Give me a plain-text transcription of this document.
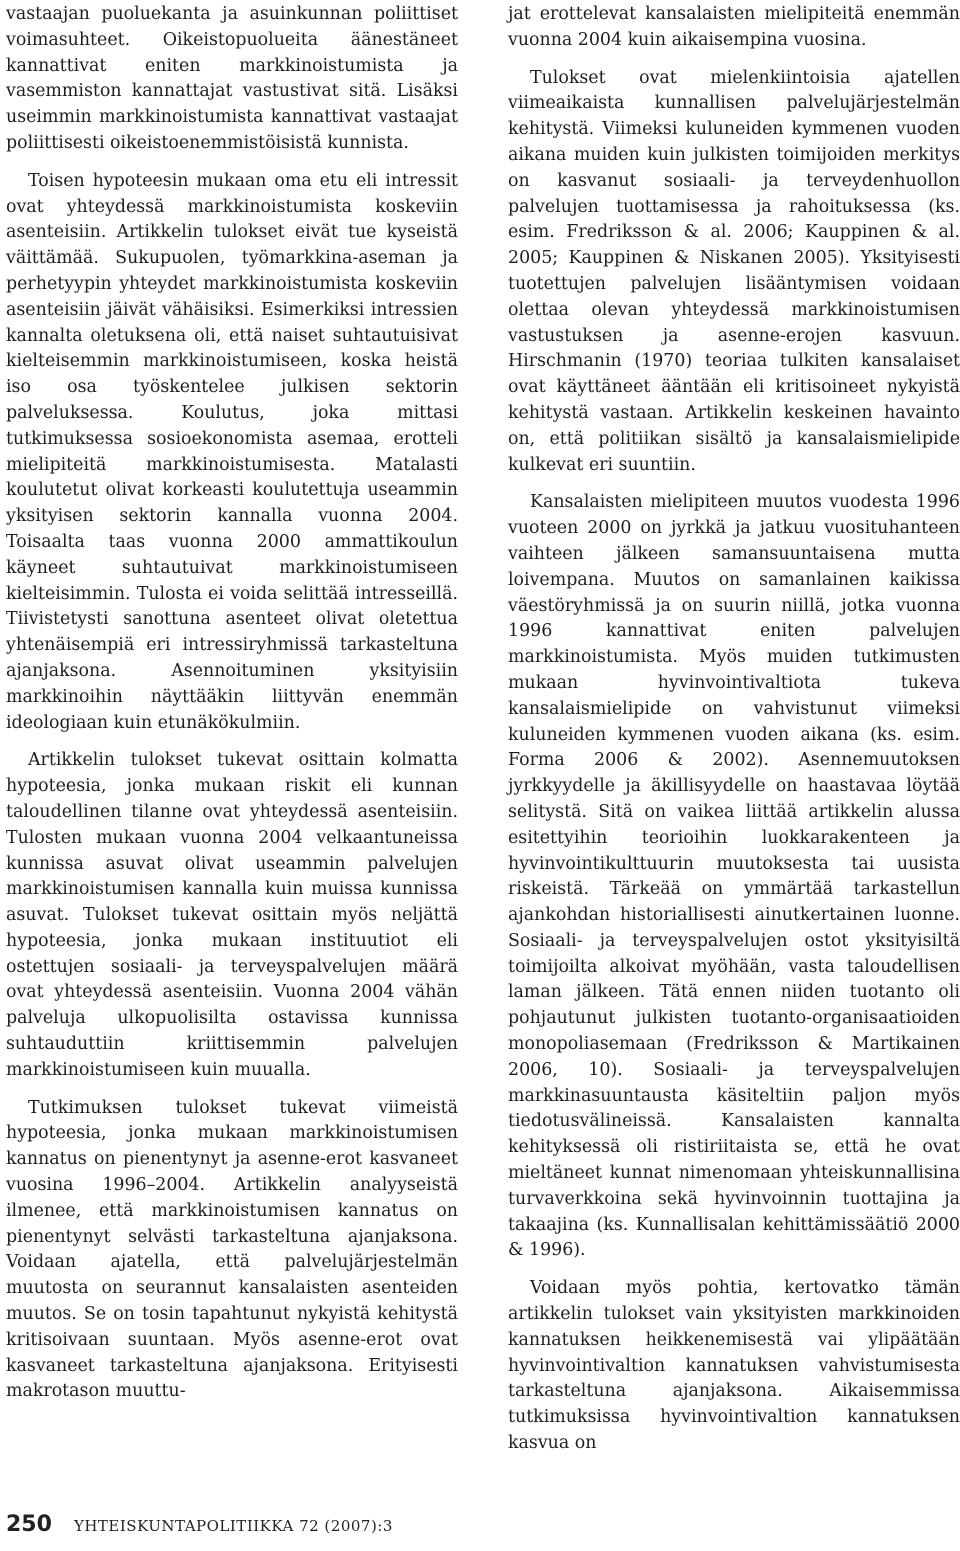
vastaajan puoluekanta ja asuinkunnan poliittiset voimasuhteet. Oikeistopuolueita äänestäneet kannattivat eniten markkinoistumista ja vasemmiston kannattajat vastustivat sitä. Lisäksi useimmin markkinoistumista kannattivat vastaajat poliittisesti oikeistoenemmistöisistä kunnista.

Toisen hypoteesin mukaan oma etu eli intressit ovat yhteydessä markkinoistumista koskeviin asenteisiin. Artikkelin tulokset eivät tue kyseistä väittämää. Sukupuolen, työmarkkina-aseman ja perhetyypin yhteydet markkinoistumista koskeviin asenteisiin jäivät vähäisiksi. Esimerkiksi intressien kannalta oletuksena oli, että naiset suhtautuisivat kielteisemmin markkinoistumiseen, koska heistä iso osa työskentelee julkisen sektorin palveluksessa. Koulutus, joka mittasi tutkimuksessa sosioekonomista asemaa, erotteli mielipiteitä markkinoistumisesta. Matalasti koulutetut olivat korkeasti koulutettuja useammin yksityisen sektorin kannalla vuonna 2004. Toisaalta taas vuonna 2000 ammattikoulun käyneet suhtautuivat markkinoistumiseen kielteisimmin. Tulosta ei voida selittää intresseillä. Tiivistetysti sanottuna asenteet olivat oletettua yhtenäisempiä eri intressiryhmissä tarkasteltuna ajanjaksona. Asennoituminen yksityisiin markkinoihin näyttääkin liittyvän enemmän ideologiaan kuin etunäkökulmiin.

Artikkelin tulokset tukevat osittain kolmatta hypoteesia, jonka mukaan riskit eli kunnan taloudellinen tilanne ovat yhteydessä asenteisiin. Tulosten mukaan vuonna 2004 velkaantuneissa kunnissa asuvat olivat useammin palvelujen markkinoistumisen kannalla kuin muissa kunnissa asuvat. Tulokset tukevat osittain myös neljättä hypoteesia, jonka mukaan instituutiot eli ostettujen sosiaali- ja terveyspalvelujen määrä ovat yhteydessä asenteisiin. Vuonna 2004 vähän palveluja ulkopuolisilta ostavissa kunnissa suhtauduttiin kriittisemmin palvelujen markkinoistumiseen kuin muualla.

Tutkimuksen tulokset tukevat viimeistä hypoteesia, jonka mukaan markkinoistumisen kannatus on pienentynyt ja asenne-erot kasvaneet vuosina 1996–2004. Artikkelin analyyseistä ilmenee, että markkinoistumisen kannatus on pienentynyt selvästi tarkasteltuna ajanjaksona. Voidaan ajatella, että palvelujärjestelmän muutosta on seurannut kansalaisten asenteiden muutos. Se on tosin tapahtunut nykyistä kehitystä kritisoivaan suuntaan. Myös asenne-erot ovat kasvaneet tarkasteltuna ajanjaksona. Erityisesti makrotason muuttu-

jat erottelevat kansalaisten mielipiteitä enemmän vuonna 2004 kuin aikaisempina vuosina.

Tulokset ovat mielenkiintoisia ajatellen viimeaikaista kunnallisen palvelujärjestelmän kehitystä. Viimeksi kuluneiden kymmenen vuoden aikana muiden kuin julkisten toimijoiden merkitys on kasvanut sosiaali- ja terveydenhuollon palvelujen tuottamisessa ja rahoituksessa (ks. esim. Fredriksson & al. 2006; Kauppinen & al. 2005; Kauppinen & Niskanen 2005). Yksityisesti tuotettujen palvelujen lisääntymisen voidaan olettaa olevan yhteydessä markkinoistumisen vastustuksen ja asenne-erojen kasvuun. Hirschmanin (1970) teoriaa tulkiten kansalaiset ovat käyttäneet ääntään eli kritisoineet nykyistä kehitystä vastaan. Artikkelin keskeinen havainto on, että politiikan sisältö ja kansalaismielipide kulkevat eri suuntiin.

Kansalaisten mielipiteen muutos vuodesta 1996 vuoteen 2000 on jyrkkä ja jatkuu vuosituhanteen vaihteen jälkeen samansuuntaisena mutta loivempana. Muutos on samanlainen kaikissa väestöryhmissä ja on suurin niillä, jotka vuonna 1996 kannattivat eniten palvelujen markkinoistumista. Myös muiden tutkimusten mukaan hyvinvointivaltiota tukeva kansalaismielipide on vahvistunut viimeksi kuluneiden kymmenen vuoden aikana (ks. esim. Forma 2006 & 2002). Asennemuutoksen jyrkkyydelle ja äkillisyydelle on haastavaa löytää selitystä. Sitä on vaikea liittää artikkelin alussa esitettyihin teorioihin luokkarakenteen ja hyvinvointikulttuurin muutoksesta tai uusista riskeistä. Tärkeää on ymmärtää tarkastellun ajankohdan historiallisesti ainutkertainen luonne. Sosiaali- ja terveyspalvelujen ostot yksityisiltä toimijoilta alkoivat myöhään, vasta taloudellisen laman jälkeen. Tätä ennen niiden tuotanto oli pohjautunut julkisten tuotanto-organisaatioiden monopoliasemaan (Fredriksson & Martikainen 2006, 10). Sosiaali- ja terveyspalvelujen markkinasuuntausta käsiteltiin paljon myös tiedotusvälineissä. Kansalaisten kannalta kehityksessä oli ristiriitaista se, että he ovat mieltäneet kunnat nimenomaan yhteiskunnallisina turvaverkkoina sekä hyvinvoinnin tuottajina ja takaajina (ks. Kunnallisalan kehittämissäätiö 2000 & 1996).

Voidaan myös pohtia, kertovatko tämän artikkelin tulokset vain yksityisten markkinoiden kannatuksen heikkenemisestä vai ylipäätään hyvinvointivaltion kannatuksen vahvistumisesta tarkasteltuna ajanjaksona. Aikaisemmissa tutkimuksissa hyvinvointivaltion kannatuksen kasvua on

250 YHTEISKUNTAPOLITIIKKA 72 (2007):3
